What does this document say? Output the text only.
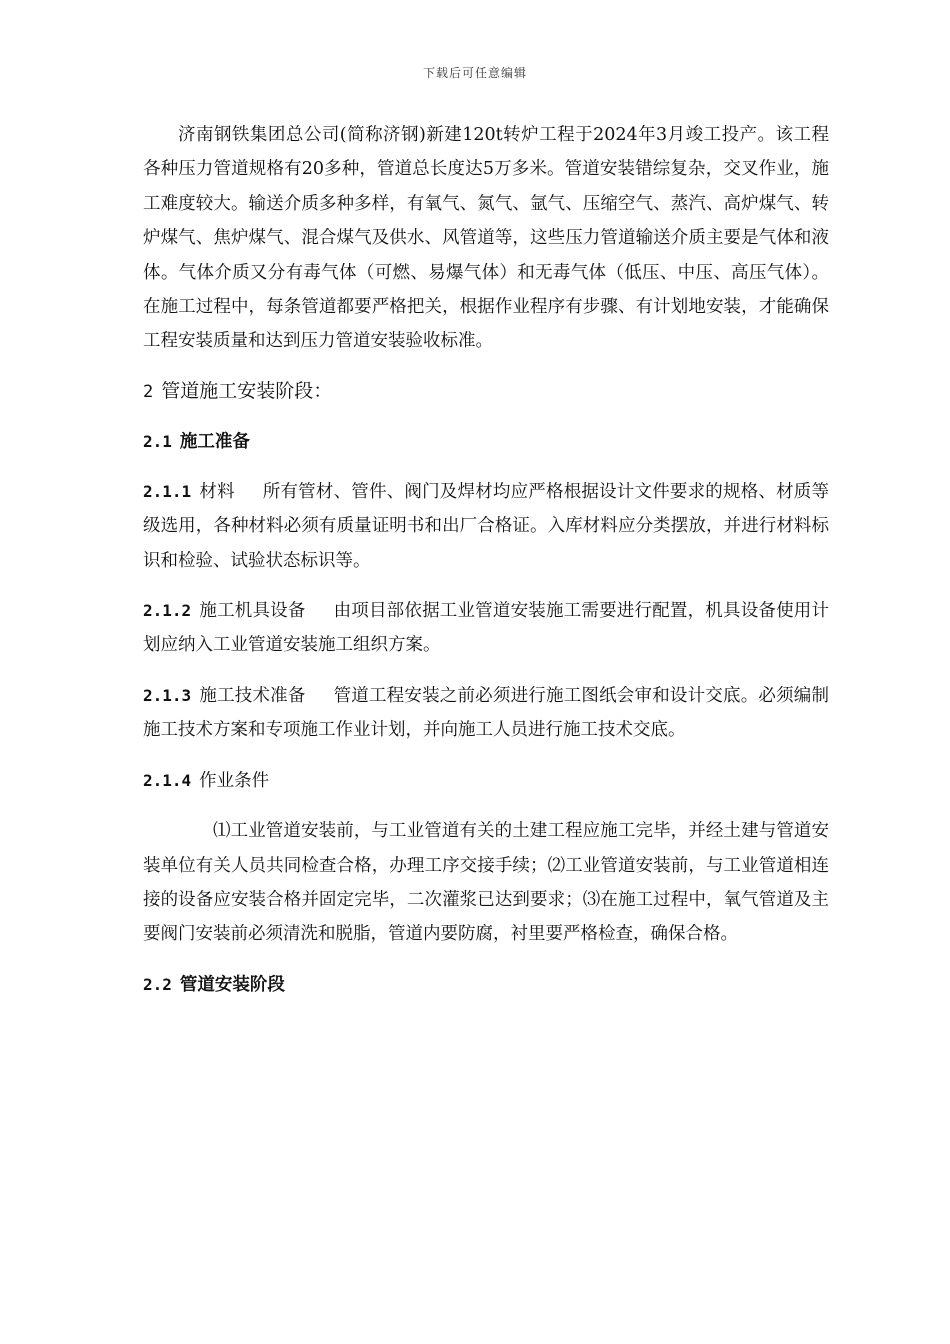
下载后可任意编辑

济南钢铁集团总公司(简称济钢)新建120t转炉工程于2024年3月竣工投产。该工程各种压力管道规格有20多种，管道总长度达5万多米。管道安装错综复杂，交叉作业，施工难度较大。输送介质多种多样，有氧气、氮气、氩气、压缩空气、蒸汽、高炉煤气、转炉煤气、焦炉煤气、混合煤气及供水、风管道等，这些压力管道输送介质主要是气体和液体。气体介质又分有毒气体（可燃、易爆气体）和无毒气体（低压、中压、高压气体）。在施工过程中，每条管道都要严格把关，根据作业程序有步骤、有计划地安装，才能确保工程安装质量和达到压力管道安装验收标准。

2 管道施工安装阶段：

2.1 施工准备

2.1.1 材料 所有管材、管件、阀门及焊材均应严格根据设计文件要求的规格、材质等级选用，各种材料必须有质量证明书和出厂合格证。入库材料应分类摆放，并进行材料标识和检验、试验状态标识等。

2.1.2 施工机具设备 由项目部依据工业管道安装施工需要进行配置，机具设备使用计划应纳入工业管道安装施工组织方案。

2.1.3 施工技术准备 管道工程安装之前必须进行施工图纸会审和设计交底。必须编制施工技术方案和专项施工作业计划，并向施工人员进行施工技术交底。

2.1.4 作业条件

⑴工业管道安装前，与工业管道有关的土建工程应施工完毕，并经土建与管道安装单位有关人员共同检查合格，办理工序交接手续；⑵工业管道安装前，与工业管道相连接的设备应安装合格并固定完毕，二次灌浆已达到要求；⑶在施工过程中，氧气管道及主要阀门安装前必须清洗和脱脂，管道内要防腐，衬里要严格检查，确保合格。

2.2 管道安装阶段
